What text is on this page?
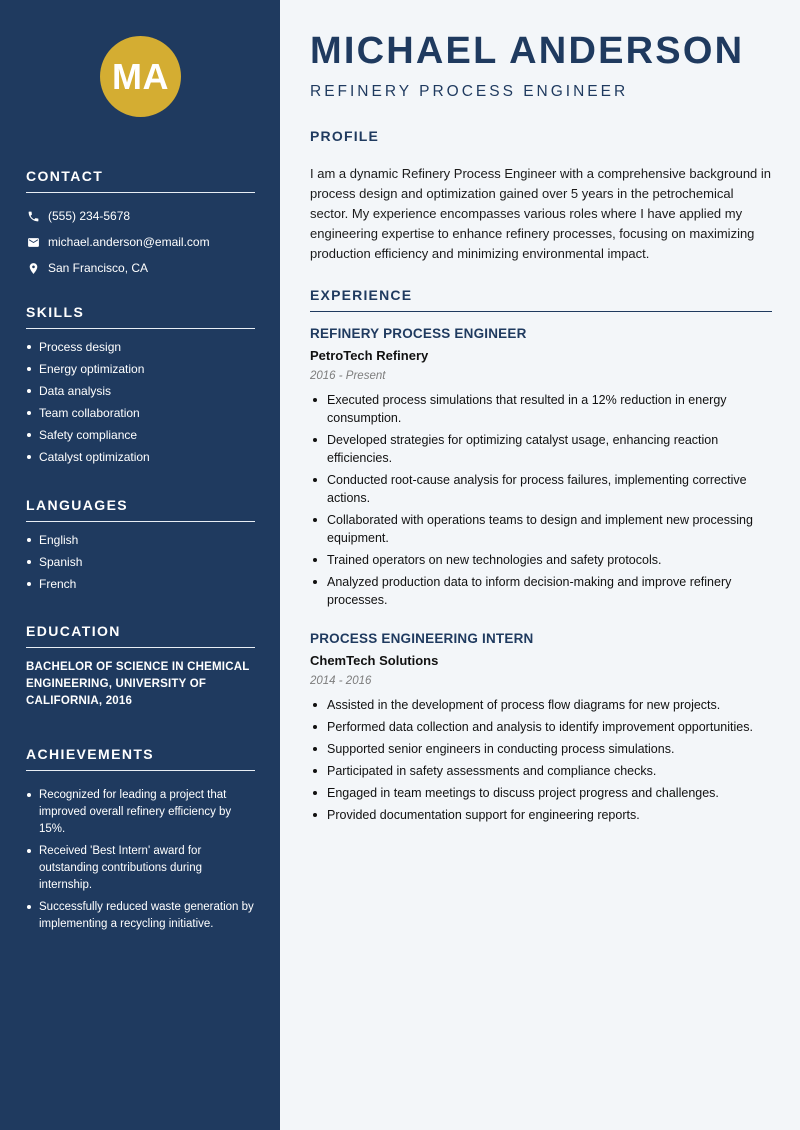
MA
CONTACT
(555) 234-5678
michael.anderson@email.com
San Francisco, CA
SKILLS
Process design
Energy optimization
Data analysis
Team collaboration
Safety compliance
Catalyst optimization
LANGUAGES
English
Spanish
French
EDUCATION
BACHELOR OF SCIENCE IN CHEMICAL ENGINEERING, UNIVERSITY OF CALIFORNIA, 2016
ACHIEVEMENTS
Recognized for leading a project that improved overall refinery efficiency by 15%.
Received 'Best Intern' award for outstanding contributions during internship.
Successfully reduced waste generation by implementing a recycling initiative.
MICHAEL ANDERSON
REFINERY PROCESS ENGINEER
PROFILE

I am a dynamic Refinery Process Engineer with a comprehensive background in process design and optimization gained over 5 years in the petrochemical sector. My experience encompasses various roles where I have applied my engineering expertise to enhance refinery processes, focusing on maximizing production efficiency and minimizing environmental impact.

EXPERIENCE
REFINERY PROCESS ENGINEER
PetroTech Refinery
2016 - Present
Executed process simulations that resulted in a 12% reduction in energy consumption.
Developed strategies for optimizing catalyst usage, enhancing reaction efficiencies.
Conducted root-cause analysis for process failures, implementing corrective actions.
Collaborated with operations teams to design and implement new processing equipment.
Trained operators on new technologies and safety protocols.
Analyzed production data to inform decision-making and improve refinery processes.
PROCESS ENGINEERING INTERN
ChemTech Solutions
2014 - 2016
Assisted in the development of process flow diagrams for new projects.
Performed data collection and analysis to identify improvement opportunities.
Supported senior engineers in conducting process simulations.
Participated in safety assessments and compliance checks.
Engaged in team meetings to discuss project progress and challenges.
Provided documentation support for engineering reports.
